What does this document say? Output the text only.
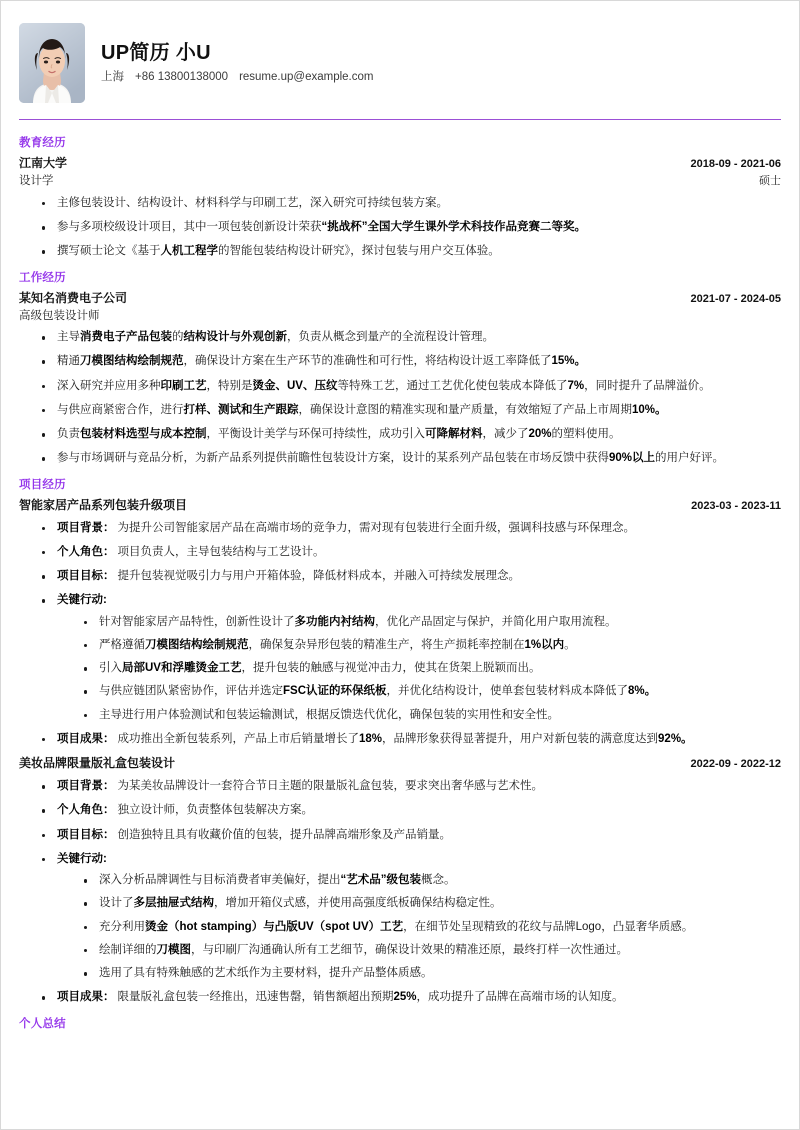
UP简历 小U
上海 +86 13800138000 resume.up@example.com
教育经历
江南大学	2018-09 - 2021-06
设计学	硕士
主修包装设计、结构设计、材料科学与印刷工艺，深入研究可持续包装方案。
参与多项校级设计项目，其中一项包装创新设计荣获“挑战杯”全国大学生课外学术科技作品竞赛二等奖。
撰写硕士论文《基于人机工程学的智能包装结构设计研究》，探讨包装与用户交互体验。
工作经历
某知名消费电子公司	2021-07 - 2024-05
高级包装设计师
主导消费电子产品包装的结构设计与外观创新，负责从概念到量产的全流程设计管理。
精通刀模图结构绘制规范，确保设计方案在生产环节的准确性和可行性，将结构设计返工率降低了15%。
深入研究并应用多种印刷工艺，特别是烫金、UV、压纹等特殊工艺，通过工艺优化使包装成本降低了7%，同时提升了品牌溢价。
与供应商紧密合作，进行打样、测试和生产跟踪，确保设计意图的精准实现和量产质量，有效缩短了产品上市周期10%。
负责包装材料选型与成本控制，平衡设计美学与环保可持续性，成功引入可降解材料，减少了20%的塑料使用。
参与市场调研与竞品分析，为新产品系列提供前瞻性包装设计方案，设计的某系列产品包装在市场反馈中获得90%以上的用户好评。
项目经历
智能家居产品系列包装升级项目	2023-03 - 2023-11
项目背景： 为提升公司智能家居产品在高端市场的竞争力，需对现有包装进行全面升级，强调科技感与环保理念。
个人角色： 项目负责人，主导包装结构与工艺设计。
项目目标： 提升包装视觉吸引力与用户开箱体验，降低材料成本，并融入可持续发展理念。
关键行动:
针对智能家居产品特性，创新性设计了多功能内衬结构，优化产品固定与保护，并简化用户取用流程。
严格遵循刀模图结构绘制规范，确保复杂异形包装的精准生产，将生产损耗率控制在1%以内。
引入局部UV和浮雕烫金工艺，提升包装的触感与视觉冲击力，使其在货架上脱颖而出。
与供应链团队紧密协作，评估并选定FSC认证的环保纸板，并优化结构设计，使单套包装材料成本降低了8%。
主导进行用户体验测试和包装运输测试，根据反馈迭代优化，确保包装的实用性和安全性。
项目成果： 成功推出全新包装系列，产品上市后销量增长了18%，品牌形象获得显著提升，用户对新包装的满意度达到92%。
美妆品牌限量版礼盒包装设计	2022-09 - 2022-12
项目背景： 为某美妆品牌设计一套符合节日主题的限量版礼盒包装，要求突出奢华感与艺术性。
个人角色： 独立设计师，负责整体包装解决方案。
项目目标： 创造独特且具有收藏价值的包装，提升品牌高端形象及产品销量。
关键行动:
深入分析品牌调性与目标消费者审美偏好，提出“艺术品”级包装概念。
设计了多层抽屉式结构，增加开箱仪式感，并使用高强度纸板确保结构稳定性。
充分利用烫金（hot stamping）与凸版UV（spot UV）工艺，在细节处呈现精致的花纹与品牌Logo，凸显奢华质感。
绘制详细的刀模图，与印刷厂沟通确认所有工艺细节，确保设计效果的精准还原，最终打样一次性通过。
选用了具有特殊触感的艺术纸作为主要材料，提升产品整体质感。
项目成果： 限量版礼盒包装一经推出，迅速售罄，销售额超出预期25%，成功提升了品牌在高端市场的认知度。
个人总结
